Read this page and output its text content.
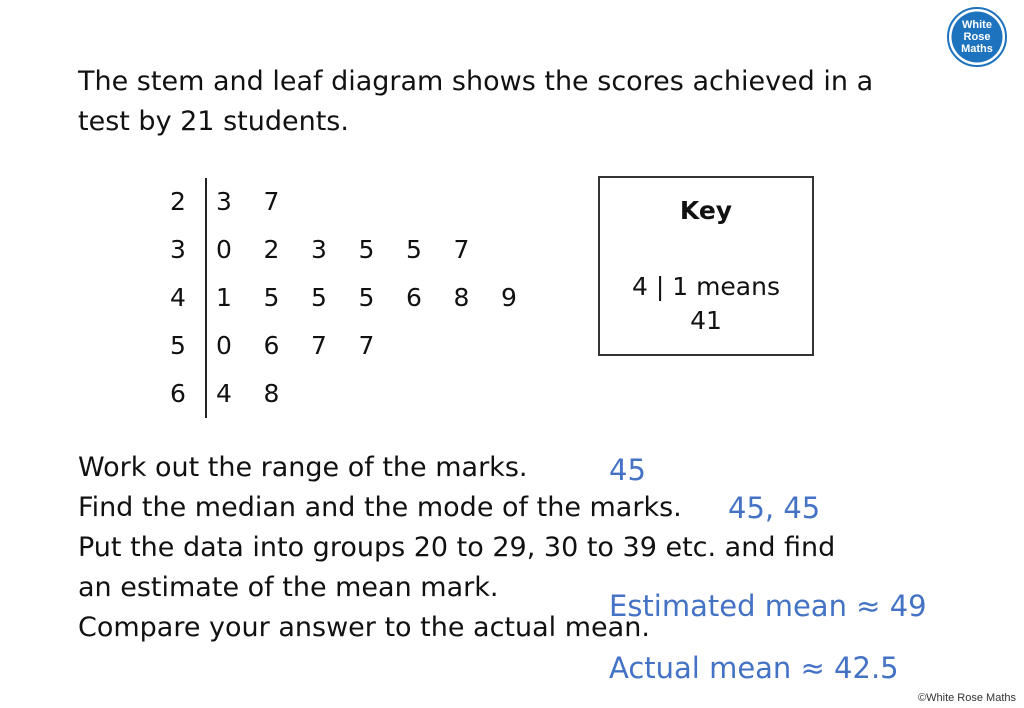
The stem and leaf diagram shows the scores achieved in a
test by 21 students.
2 3 7
3 0 2 3 5 5 7
4 1 5 5 5 6 8 9
5 0 6 7 7
6 4 8
Key
4 | 1 means
41
Work out the range of the marks.
Find the median and the mode of the marks.
Put the data into groups 20 to 29, 30 to 39 etc. and find
an estimate of the mean mark.
Compare your answer to the actual mean.
45
45, 45
Estimated mean ≈ 49
Actual mean ≈ 42.5
White
Rose
Maths
©White Rose Maths
